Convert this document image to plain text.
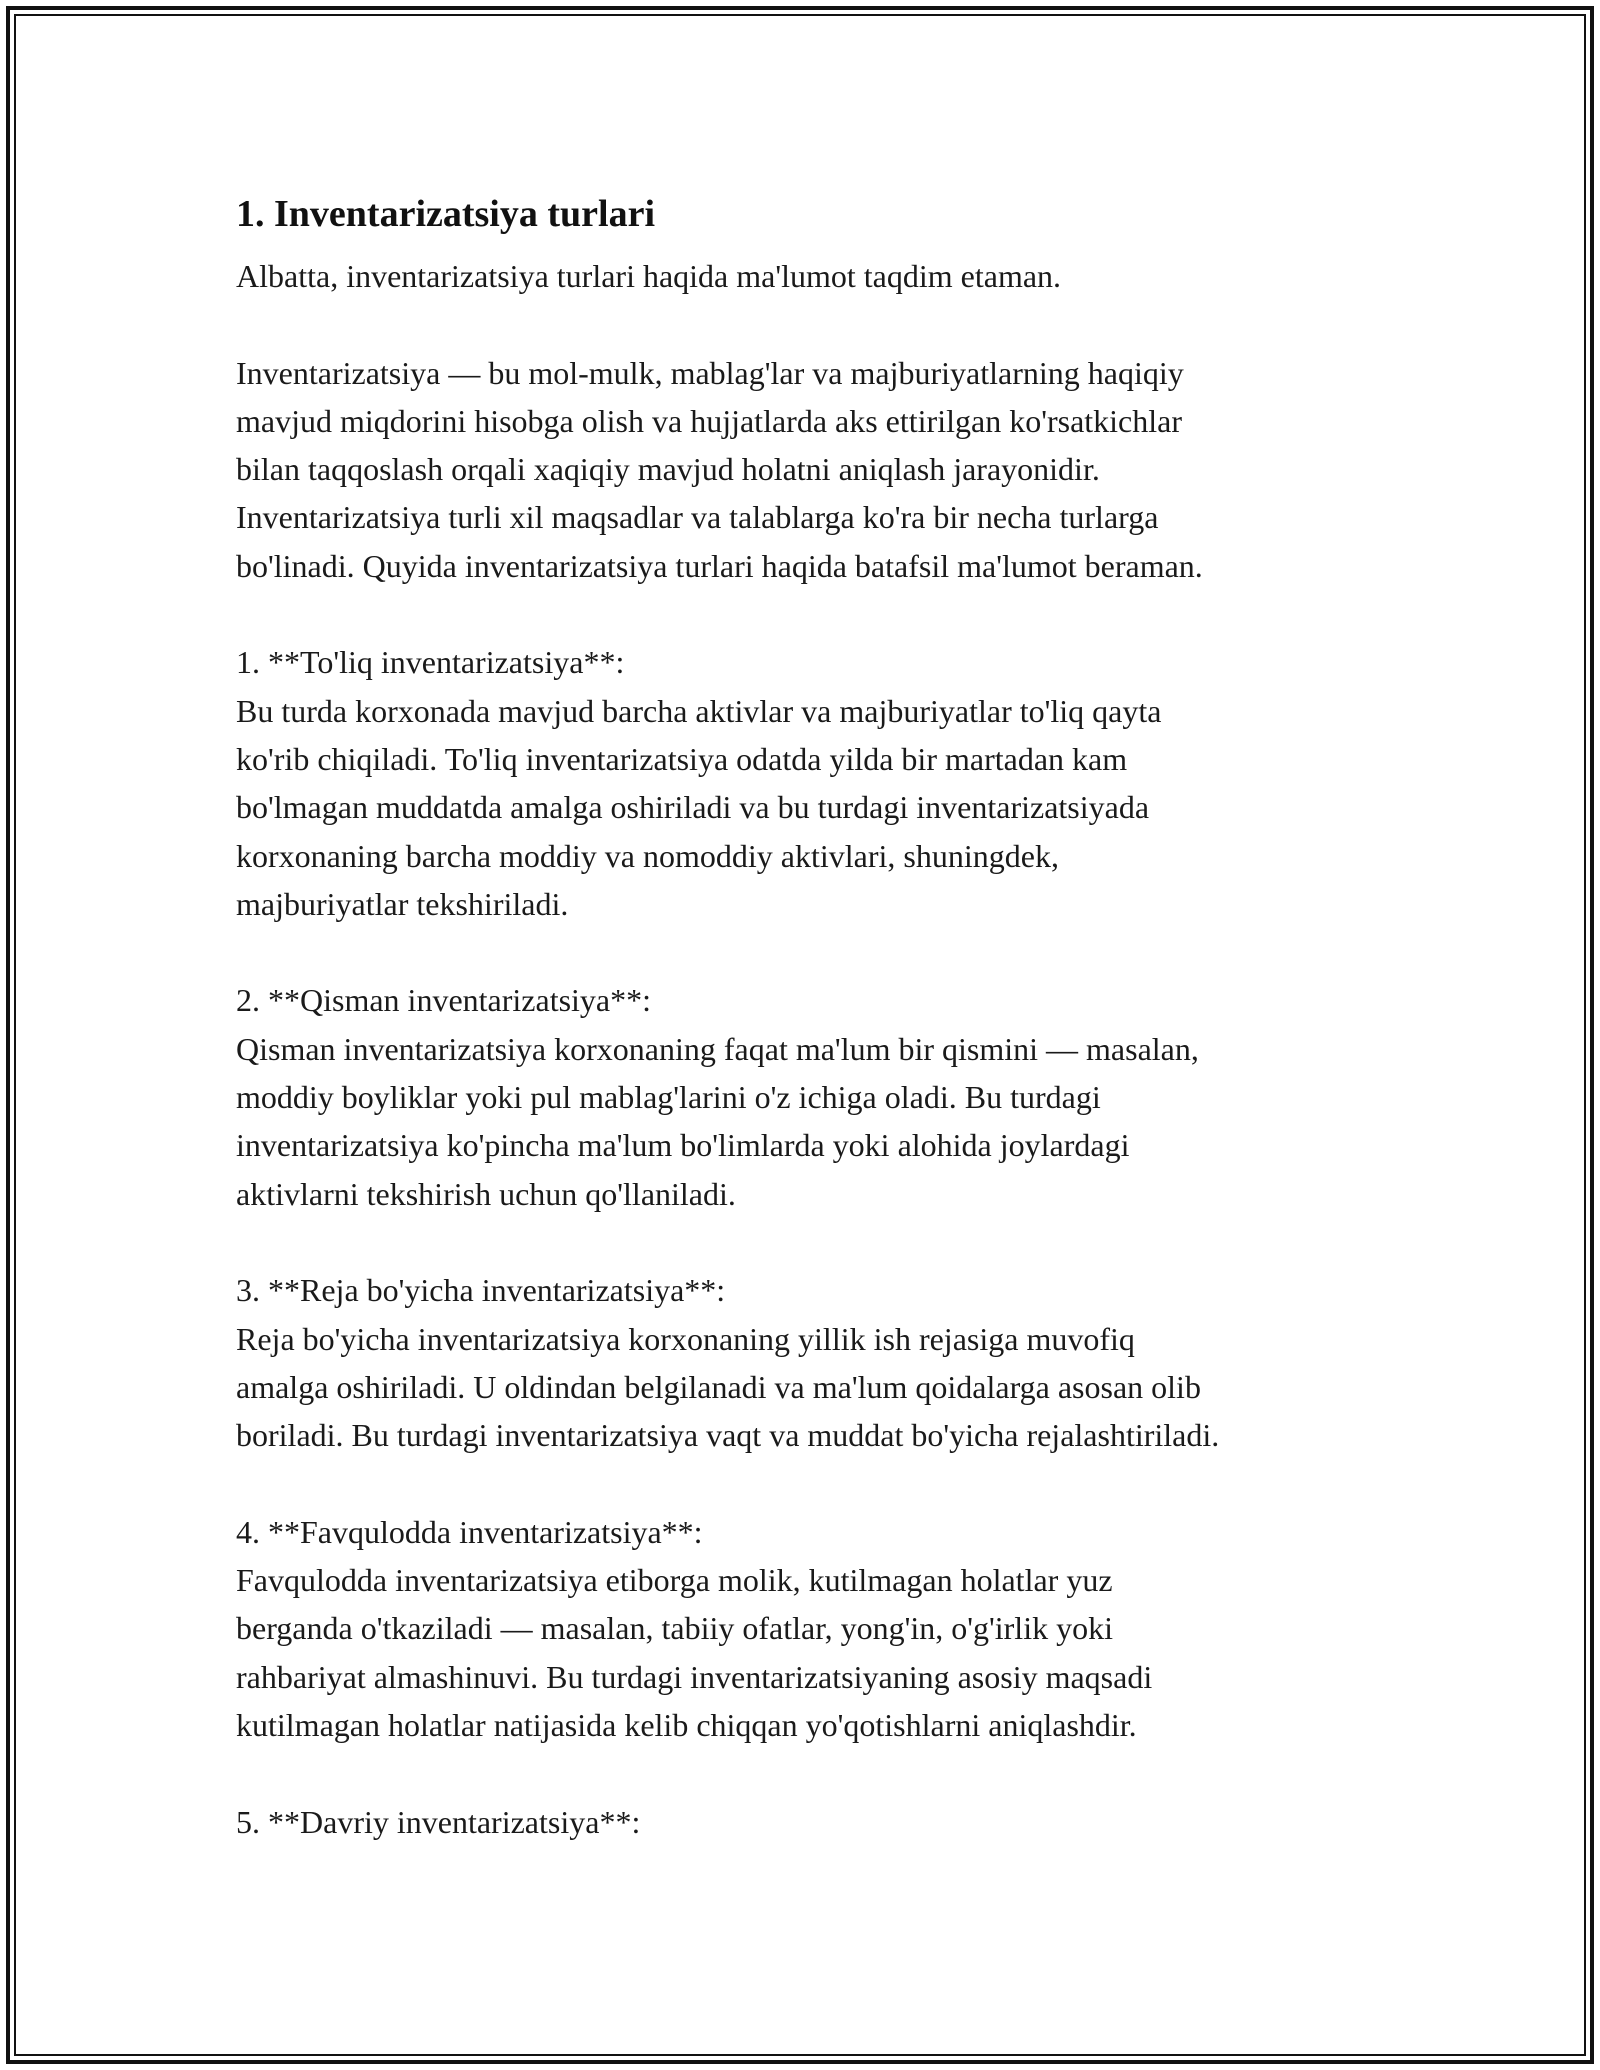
1. Inventarizatsiya turlari

Albatta, inventarizatsiya turlari haqida ma'lumot taqdim etaman.

Inventarizatsiya — bu mol-mulk, mablag'lar va majburiyatlarning haqiqiy
mavjud miqdorini hisobga olish va hujjatlarda aks ettirilgan ko'rsatkichlar
bilan taqqoslash orqali xaqiqiy mavjud holatni aniqlash jarayonidir.
Inventarizatsiya turli xil maqsadlar va talablarga ko'ra bir necha turlarga
bo'linadi. Quyida inventarizatsiya turlari haqida batafsil ma'lumot beraman.

1. **To'liq inventarizatsiya**:

Bu turda korxonada mavjud barcha aktivlar va majburiyatlar to'liq qayta
ko'rib chiqiladi. To'liq inventarizatsiya odatda yilda bir martadan kam
bo'lmagan muddatda amalga oshiriladi va bu turdagi inventarizatsiyada
korxonaning barcha moddiy va nomoddiy aktivlari, shuningdek,
majburiyatlar tekshiriladi.

2. **Qisman inventarizatsiya**:

Qisman inventarizatsiya korxonaning faqat ma'lum bir qismini — masalan,
moddiy boyliklar yoki pul mablag'larini o'z ichiga oladi. Bu turdagi
inventarizatsiya ko'pincha ma'lum bo'limlarda yoki alohida joylardagi
aktivlarni tekshirish uchun qo'llaniladi.

3. **Reja bo'yicha inventarizatsiya**:

Reja bo'yicha inventarizatsiya korxonaning yillik ish rejasiga muvofiq
amalga oshiriladi. U oldindan belgilanadi va ma'lum qoidalarga asosan olib
boriladi. Bu turdagi inventarizatsiya vaqt va muddat bo'yicha rejalashtiriladi.

4. **Favqulodda inventarizatsiya**:

Favqulodda inventarizatsiya etiborga molik, kutilmagan holatlar yuz
berganda o'tkaziladi — masalan, tabiiy ofatlar, yong'in, o'g'irlik yoki
rahbariyat almashinuvi. Bu turdagi inventarizatsiyaning asosiy maqsadi
kutilmagan holatlar natijasida kelib chiqqan yo'qotishlarni aniqlashdir.

5. **Davriy inventarizatsiya**:
